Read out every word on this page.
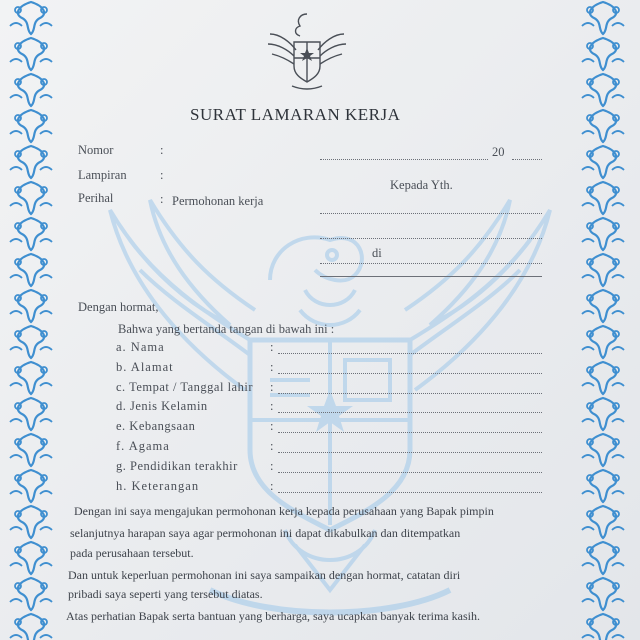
SURAT LAMARAN KERJA
Nomor	:	20
Lampiran	:
Kepada Yth.
Perihal	: Permohonan kerja
di
Dengan hormat,
Bahwa yang bertanda tangan di bawah ini :
a. Nama	:
b. Alamat	:
c. Tempat / Tanggal lahir :
d. Jenis Kelamin	:
e. Kebangsaan	:
f. Agama	:
g. Pendidikan terakhir	:
h. Keterangan	:
Dengan ini saya mengajukan permohonan kerja kepada perusahaan yang Bapak pimpin
selanjutnya harapan saya agar permohonan ini dapat dikabulkan dan ditempatkan
pada perusahaan tersebut.
Dan untuk keperluan permohonan ini saya sampaikan dengan hormat, catatan diri
pribadi saya seperti yang tersebut diatas.
Atas perhatian Bapak serta bantuan yang berharga, saya ucapkan banyak terima kasih.
